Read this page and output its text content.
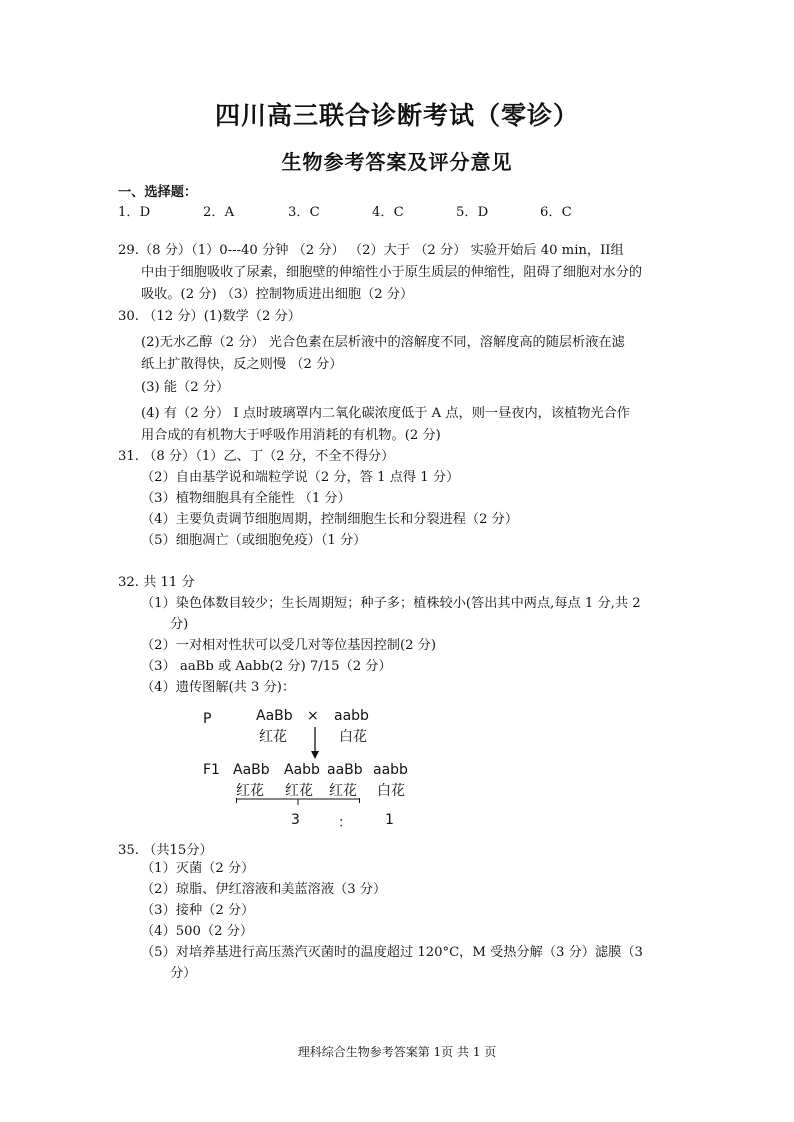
四川高三联合诊断考试（零诊）
生物参考答案及评分意见
一、选择题：
1．D	2．A	3．C	4．C	5．D	6．C
29.（8 分）（1）0---40 分钟 （2 分） （2）大于 （2 分） 实验开始后 40 min，II组
中由于细胞吸收了尿素，细胞壁的伸缩性小于原生质层的伸缩性，阻碍了细胞对水分的
吸收。(2 分) （3）控制物质进出细胞（2 分）
30. （12 分）(1)数学（2 分）
(2)无水乙醇（2 分） 光合色素在层析液中的溶解度不同，溶解度高的随层析液在滤
纸上扩散得快，反之则慢 （2 分）
(3) 能（2 分）
(4) 有（2 分） I 点时玻璃罩内二氧化碳浓度低于 A 点，则一昼夜内，该植物光合作
用合成的有机物大于呼吸作用消耗的有机物。(2 分)
31. （8 分）（1）乙、丁（2 分，不全不得分）
（2）自由基学说和端粒学说（2 分，答 1 点得 1 分）
（3）植物细胞具有全能性 （1 分）
（4）主要负责调节细胞周期，控制细胞生长和分裂进程（2 分）
（5）细胞凋亡（或细胞免疫）（1 分）
32. 共 11 分
（1）染色体数目较少；生长周期短；种子多；植株较小(答出其中两点,每点 1 分,共 2
分)
（2）一对相对性状可以受几对等位基因控制(2 分)
（3） aaBb 或 Aabb(2 分) 7/15（2 分）
（4）遗传图解(共 3 分)：
P	AaBb × aabb
红花	白花
F1 AaBb Aabb aaBb aabb
红花 红花 红花 白花
3	： 1
35. （共15分）
（1）灭菌（2 分）
（2）琼脂、伊红溶液和美蓝溶液（3 分）
（3）接种（2 分）
（4）500（2 分）
（5）对培养基进行高压蒸汽灭菌时的温度超过 120°C，M 受热分解（3 分）滤膜（3
分）
理科综合生物参考答案第 1页 共 1 页
